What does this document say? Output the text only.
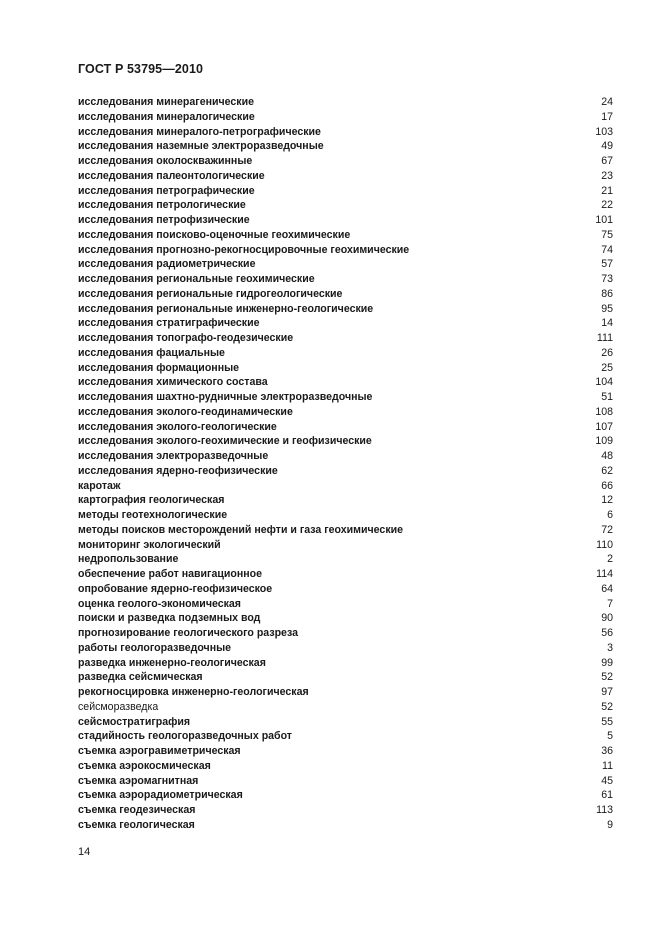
ГОСТ Р 53795—2010
исследования минерагенические	24
исследования минералогические	17
исследования минералого-петрографические	103
исследования наземные электроразведочные	49
исследования околоскважинные	67
исследования палеонтологические	23
исследования петрографические	21
исследования петрологические	22
исследования петрофизические	101
исследования поисково-оценочные геохимические	75
исследования прогнозно-рекогносцировочные геохимические	74
исследования радиометрические	57
исследования региональные геохимические	73
исследования региональные гидрогеологические	86
исследования региональные инженерно-геологические	95
исследования стратиграфические	14
исследования топографо-геодезические	111
исследования фациальные	26
исследования формационные	25
исследования химического состава	104
исследования шахтно-рудничные электроразведочные	51
исследования эколого-геодинамические	108
исследования эколого-геологические	107
исследования эколого-геохимические и геофизические	109
исследования электроразведочные	48
исследования ядерно-геофизические	62
каротаж	66
картография геологическая	12
методы геотехнологические	6
методы поисков месторождений нефти и газа геохимические	72
мониторинг экологический	110
недропользование	2
обеспечение работ навигационное	114
опробование ядерно-геофизическое	64
оценка геолого-экономическая	7
поиски и разведка подземных вод	90
прогнозирование геологического разреза	56
работы геологоразведочные	3
разведка инженерно-геологическая	99
разведка сейсмическая	52
рекогносцировка инженерно-геологическая	97
сейсморазведка	52
сейсмостратиграфия	55
стадийность геологоразведочных работ	5
съемка аэрогравиметрическая	36
съемка аэрокосмическая	11
съемка аэромагнитная	45
съемка аэрорадиометрическая	61
съемка геодезическая	113
съемка геологическая	9
14
